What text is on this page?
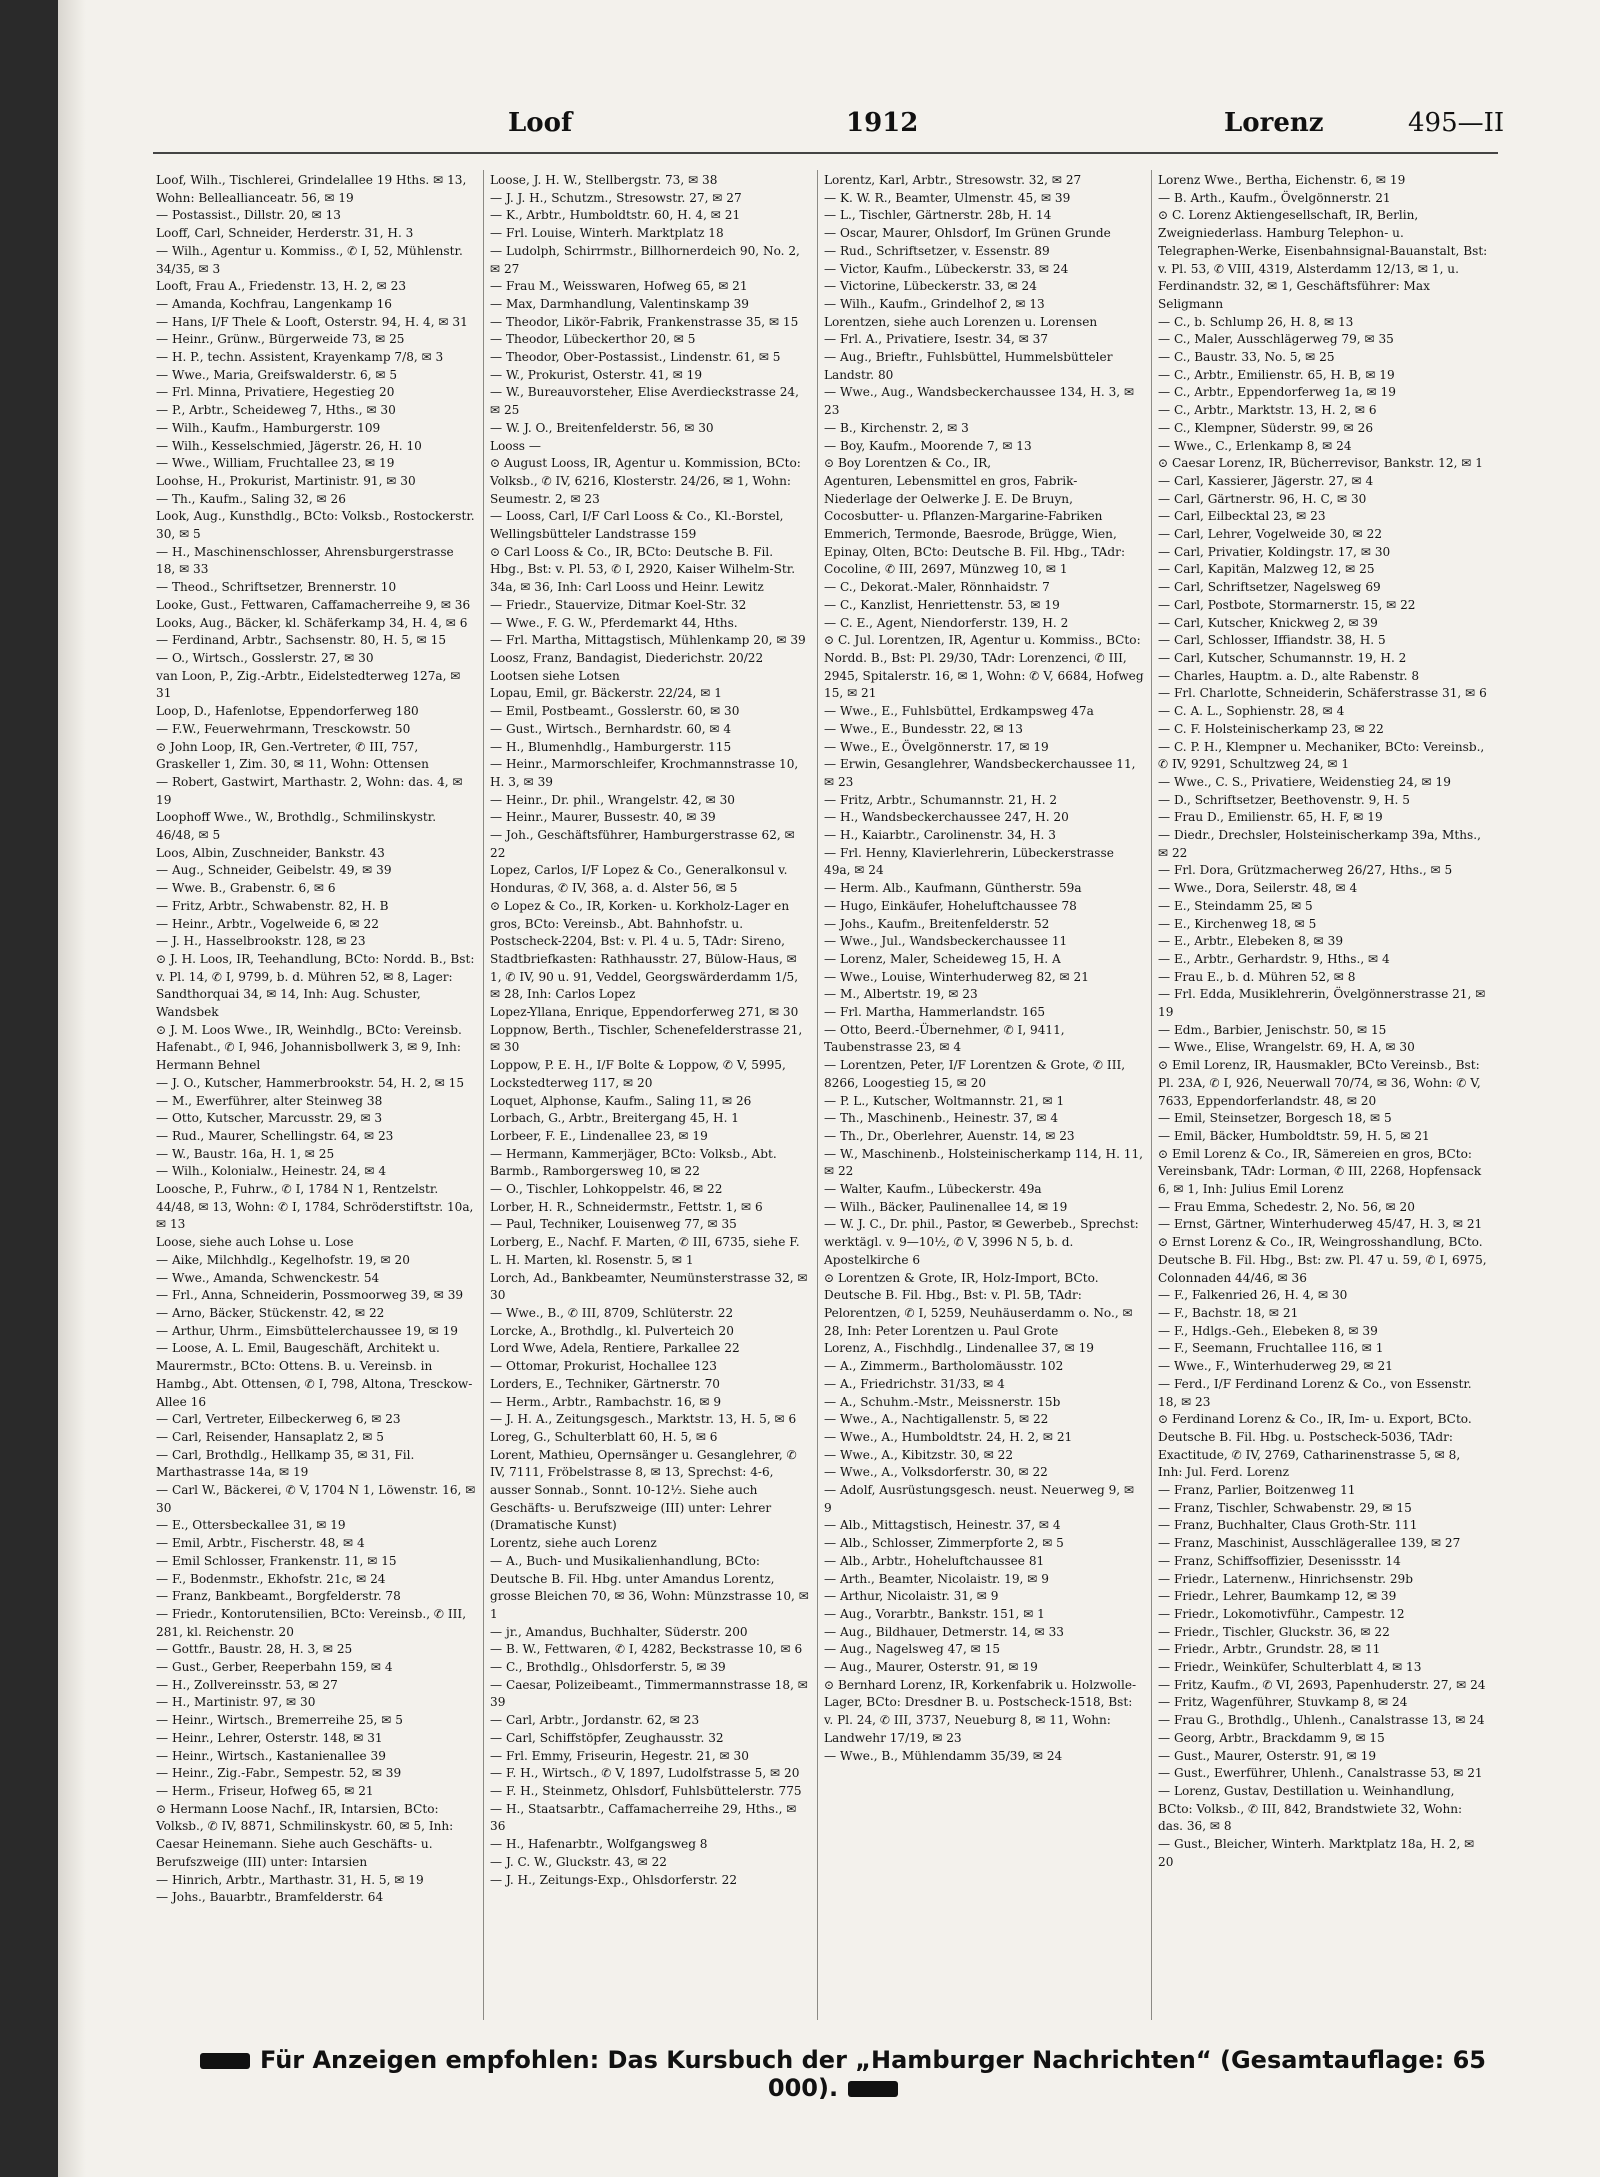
Loof	1912	Lorenz	495—II

Loof, Wilh., Tischlerei, Grindelallee 19 Hths. ✉ 13, Wohn: Belleallianceatr. 56, ✉ 19

— Postassist., Dillstr. 20, ✉ 13

Looff, Carl, Schneider, Herderstr. 31, H. 3

— Wilh., Agentur u. Kommiss., ✆ I, 52, Mühlenstr. 34/35, ✉ 3

Looft, Frau A., Friedenstr. 13, H. 2, ✉ 23

— Amanda, Kochfrau, Langenkamp 16

— Hans, I/F Thele & Looft, Osterstr. 94, H. 4, ✉ 31

— Heinr., Grünw., Bürgerweide 73, ✉ 25

— H. P., techn. Assistent, Krayenkamp 7/8, ✉ 3

— Wwe., Maria, Greifswalderstr. 6, ✉ 5

— Frl. Minna, Privatiere, Hegestieg 20

— P., Arbtr., Scheideweg 7, Hths., ✉ 30

— Wilh., Kaufm., Hamburgerstr. 109

— Wilh., Kesselschmied, Jägerstr. 26, H. 10

— Wwe., William, Fruchtallee 23, ✉ 19

Loohse, H., Prokurist, Martinistr. 91, ✉ 30

— Th., Kaufm., Saling 32, ✉ 26

Look, Aug., Kunsthdlg., BCto: Volksb., Rostockerstr. 30, ✉ 5

— H., Maschinenschlosser, Ahrensburgerstrasse 18, ✉ 33

— Theod., Schriftsetzer, Brennerstr. 10

Looke, Gust., Fettwaren, Caffamacherreihe 9, ✉ 36

Looks, Aug., Bäcker, kl. Schäferkamp 34, H. 4, ✉ 6

— Ferdinand, Arbtr., Sachsenstr. 80, H. 5, ✉ 15

— O., Wirtsch., Gosslerstr. 27, ✉ 30

van Loon, P., Zig.-Arbtr., Eidelstedterweg 127a, ✉ 31

Loop, D., Hafenlotse, Eppendorferweg 180

— F.W., Feuerwehrmann, Tresckowstr. 50

⊙ John Loop, IR, Gen.-Vertreter, ✆ III, 757, Graskeller 1, Zim. 30, ✉ 11, Wohn: Ottensen

— Robert, Gastwirt, Marthastr. 2, Wohn: das. 4, ✉ 19

Loophoff Wwe., W., Brothdlg., Schmilinskystr. 46/48, ✉ 5

Loos, Albin, Zuschneider, Bankstr. 43

— Aug., Schneider, Geibelstr. 49, ✉ 39

— Wwe. B., Grabenstr. 6, ✉ 6

— Fritz, Arbtr., Schwabenstr. 82, H. B

— Heinr., Arbtr., Vogelweide 6, ✉ 22

— J. H., Hasselbrookstr. 128, ✉ 23

⊙ J. H. Loos, IR, Teehandlung, BCto: Nordd. B., Bst: v. Pl. 14, ✆ I, 9799, b. d. Mühren 52, ✉ 8, Lager: Sandthorquai 34, ✉ 14, Inh: Aug. Schuster, Wandsbek

⊙ J. M. Loos Wwe., IR, Weinhdlg., BCto: Vereinsb. Hafenabt., ✆ I, 946, Johannisbollwerk 3, ✉ 9, Inh: Hermann Behnel

— J. O., Kutscher, Hammerbrookstr. 54, H. 2, ✉ 15

— M., Ewerführer, alter Steinweg 38

— Otto, Kutscher, Marcusstr. 29, ✉ 3

— Rud., Maurer, Schellingstr. 64, ✉ 23

— W., Baustr. 16a, H. 1, ✉ 25

— Wilh., Kolonialw., Heinestr. 24, ✉ 4

Loosche, P., Fuhrw., ✆ I, 1784 N 1, Rentzelstr. 44/48, ✉ 13, Wohn: ✆ I, 1784, Schröderstiftstr. 10a, ✉ 13

Loose, siehe auch Lohse u. Lose

— Aike, Milchhdlg., Kegelhofstr. 19, ✉ 20

— Wwe., Amanda, Schwenckestr. 54

— Frl., Anna, Schneiderin, Possmoorweg 39, ✉ 39

— Arno, Bäcker, Stückenstr. 42, ✉ 22

— Arthur, Uhrm., Eimsbüttelerchaussee 19, ✉ 19

— Loose, A. L. Emil, Baugeschäft, Architekt u. Maurermstr., BCto: Ottens. B. u. Vereinsb. in Hambg., Abt. Ottensen, ✆ I, 798, Altona, Tresckow-Allee 16

— Carl, Vertreter, Eilbeckerweg 6, ✉ 23

— Carl, Reisender, Hansaplatz 2, ✉ 5

— Carl, Brothdlg., Hellkamp 35, ✉ 31, Fil. Marthastrasse 14a, ✉ 19

— Carl W., Bäckerei, ✆ V, 1704 N 1, Löwenstr. 16, ✉ 30

— E., Ottersbeckallee 31, ✉ 19

— Emil, Arbtr., Fischerstr. 48, ✉ 4

— Emil Schlosser, Frankenstr. 11, ✉ 15

— F., Bodenmstr., Ekhofstr. 21c, ✉ 24

— Franz, Bankbeamt., Borgfelderstr. 78

— Friedr., Kontorutensilien, BCto: Vereinsb., ✆ III, 281, kl. Reichenstr. 20

— Gottfr., Baustr. 28, H. 3, ✉ 25

— Gust., Gerber, Reeperbahn 159, ✉ 4

— H., Zollvereinsstr. 53, ✉ 27

— H., Martinistr. 97, ✉ 30

— Heinr., Wirtsch., Bremerreihe 25, ✉ 5

— Heinr., Lehrer, Osterstr. 148, ✉ 31

— Heinr., Wirtsch., Kastanienallee 39

— Heinr., Zig.-Fabr., Sempestr. 52, ✉ 39

— Herm., Friseur, Hofweg 65, ✉ 21

⊙ Hermann Loose Nachf., IR, Intarsien, BCto: Volksb., ✆ IV, 8871, Schmilinskystr. 60, ✉ 5, Inh: Caesar Heinemann. Siehe auch Geschäfts- u. Berufszweige (III) unter: Intarsien

— Hinrich, Arbtr., Marthastr. 31, H. 5, ✉ 19

— Johs., Bauarbtr., Bramfelderstr. 64

Loose, J. H. W., Stellbergstr. 73, ✉ 38

— J. J. H., Schutzm., Stresowstr. 27, ✉ 27

— K., Arbtr., Humboldtstr. 60, H. 4, ✉ 21

— Frl. Louise, Winterh. Marktplatz 18

— Ludolph, Schirrmstr., Billhornerdeich 90, No. 2, ✉ 27

— Frau M., Weisswaren, Hofweg 65, ✉ 21

— Max, Darmhandlung, Valentinskamp 39

— Theodor, Likör-Fabrik, Frankenstrasse 35, ✉ 15

— Theodor, Lübeckerthor 20, ✉ 5

— Theodor, Ober-Postassist., Lindenstr. 61, ✉ 5

— W., Prokurist, Osterstr. 41, ✉ 19

— W., Bureauvorsteher, Elise Averdieckstrasse 24, ✉ 25

— W. J. O., Breitenfelderstr. 56, ✉ 30

Looss —

⊙ August Looss, IR, Agentur u. Kommission, BCto: Volksb., ✆ IV, 6216, Klosterstr. 24/26, ✉ 1, Wohn: Seumestr. 2, ✉ 23

— Looss, Carl, I/F Carl Looss & Co., Kl.-Borstel, Wellingsbütteler Landstrasse 159

⊙ Carl Looss & Co., IR, BCto: Deutsche B. Fil. Hbg., Bst: v. Pl. 53, ✆ I, 2920, Kaiser Wilhelm-Str. 34a, ✉ 36, Inh: Carl Looss und Heinr. Lewitz

— Friedr., Stauervize, Ditmar Koel-Str. 32

— Wwe., F. G. W., Pferdemarkt 44, Hths.

— Frl. Martha, Mittagstisch, Mühlenkamp 20, ✉ 39

Loosz, Franz, Bandagist, Diederichstr. 20/22

Lootsen siehe Lotsen

Lopau, Emil, gr. Bäckerstr. 22/24, ✉ 1

— Emil, Postbeamt., Gosslerstr. 60, ✉ 30

— Gust., Wirtsch., Bernhardstr. 60, ✉ 4

— H., Blumenhdlg., Hamburgerstr. 115

— Heinr., Marmorschleifer, Krochmannstrasse 10, H. 3, ✉ 39

— Heinr., Dr. phil., Wrangelstr. 42, ✉ 30

— Heinr., Maurer, Bussestr. 40, ✉ 39

— Joh., Geschäftsführer, Hamburgerstrasse 62, ✉ 22

Lopez, Carlos, I/F Lopez & Co., Generalkonsul v. Honduras, ✆ IV, 368, a. d. Alster 56, ✉ 5

⊙ Lopez & Co., IR, Korken- u. Korkholz-Lager en gros, BCto: Vereinsb., Abt. Bahnhofstr. u. Postscheck-2204, Bst: v. Pl. 4 u. 5, TAdr: Sireno, Stadtbriefkasten: Rathhausstr. 27, Bülow-Haus, ✉ 1, ✆ IV, 90 u. 91, Veddel, Georgswärderdamm 1/5, ✉ 28, Inh: Carlos Lopez

Lopez-Yllana, Enrique, Eppendorferweg 271, ✉ 30

Loppnow, Berth., Tischler, Schenefelderstrasse 21, ✉ 30

Loppow, P. E. H., I/F Bolte & Loppow, ✆ V, 5995, Lockstedterweg 117, ✉ 20

Loquet, Alphonse, Kaufm., Saling 11, ✉ 26

Lorbach, G., Arbtr., Breitergang 45, H. 1

Lorbeer, F. E., Lindenallee 23, ✉ 19

— Hermann, Kammerjäger, BCto: Volksb., Abt. Barmb., Ramborgersweg 10, ✉ 22

— O., Tischler, Lohkoppelstr. 46, ✉ 22

Lorber, H. R., Schneidermstr., Fettstr. 1, ✉ 6

— Paul, Techniker, Louisenweg 77, ✉ 35

Lorberg, E., Nachf. F. Marten, ✆ III, 6735, siehe F. L. H. Marten, kl. Rosenstr. 5, ✉ 1

Lorch, Ad., Bankbeamter, Neumünsterstrasse 32, ✉ 30

— Wwe., B., ✆ III, 8709, Schlüterstr. 22

Lorcke, A., Brothdlg., kl. Pulverteich 20

Lord Wwe, Adela, Rentiere, Parkallee 22

— Ottomar, Prokurist, Hochallee 123

Lorders, E., Techniker, Gärtnerstr. 70

— Herm., Arbtr., Rambachstr. 16, ✉ 9

— J. H. A., Zeitungsgesch., Marktstr. 13, H. 5, ✉ 6

Loreg, G., Schulterblatt 60, H. 5, ✉ 6

Lorent, Mathieu, Opernsänger u. Gesanglehrer, ✆ IV, 7111, Fröbelstrasse 8, ✉ 13, Sprechst: 4-6, ausser Sonnab., Sonnt. 10-12½. Siehe auch Geschäfts- u. Berufszweige (III) unter: Lehrer (Dramatische Kunst)

Lorentz, siehe auch Lorenz

— A., Buch- und Musikalienhandlung, BCto: Deutsche B. Fil. Hbg. unter Amandus Lorentz, grosse Bleichen 70, ✉ 36, Wohn: Münzstrasse 10, ✉ 1

— jr., Amandus, Buchhalter, Süderstr. 200

— B. W., Fettwaren, ✆ I, 4282, Beckstrasse 10, ✉ 6

— C., Brothdlg., Ohlsdorferstr. 5, ✉ 39

— Caesar, Polizeibeamt., Timmermannstrasse 18, ✉ 39

— Carl, Arbtr., Jordanstr. 62, ✉ 23

— Carl, Schiffstöpfer, Zeughausstr. 32

— Frl. Emmy, Friseurin, Hegestr. 21, ✉ 30

— F. H., Wirtsch., ✆ V, 1897, Ludolfstrasse 5, ✉ 20

— F. H., Steinmetz, Ohlsdorf, Fuhlsbüttelerstr. 775

— H., Staatsarbtr., Caffamacherreihe 29, Hths., ✉ 36

— H., Hafenarbtr., Wolfgangsweg 8

— J. C. W., Gluckstr. 43, ✉ 22

— J. H., Zeitungs-Exp., Ohlsdorferstr. 22

Lorentz, Karl, Arbtr., Stresowstr. 32, ✉ 27

— K. W. R., Beamter, Ulmenstr. 45, ✉ 39

— L., Tischler, Gärtnerstr. 28b, H. 14

— Oscar, Maurer, Ohlsdorf, Im Grünen Grunde

— Rud., Schriftsetzer, v. Essenstr. 89

— Victor, Kaufm., Lübeckerstr. 33, ✉ 24

— Victorine, Lübeckerstr. 33, ✉ 24

— Wilh., Kaufm., Grindelhof 2, ✉ 13

Lorentzen, siehe auch Lorenzen u. Lorensen

— Frl. A., Privatiere, Isestr. 34, ✉ 37

— Aug., Brieftr., Fuhlsbüttel, Hummelsbütteler Landstr. 80

— Wwe., Aug., Wandsbeckerchaussee 134, H. 3, ✉ 23

— B., Kirchenstr. 2, ✉ 3

— Boy, Kaufm., Moorende 7, ✉ 13

⊙ Boy Lorentzen & Co., IR,

Agenturen, Lebensmittel en gros, Fabrik-Niederlage der Oelwerke J. E. De Bruyn, Cocosbutter- u. Pflanzen-Margarine-Fabriken Emmerich, Termonde, Baesrode, Brügge, Wien, Epinay, Olten, BCto: Deutsche B. Fil. Hbg., TAdr: Cocoline, ✆ III, 2697, Münzweg 10, ✉ 1

— C., Dekorat.-Maler, Rönnhaidstr. 7

— C., Kanzlist, Henriettenstr. 53, ✉ 19

— C. E., Agent, Niendorferstr. 139, H. 2

⊙ C. Jul. Lorentzen, IR, Agentur u. Kommiss., BCto: Nordd. B., Bst: Pl. 29/30, TAdr: Lorenzenci, ✆ III, 2945, Spitalerstr. 16, ✉ 1, Wohn: ✆ V, 6684, Hofweg 15, ✉ 21

— Wwe., E., Fuhlsbüttel, Erdkampsweg 47a

— Wwe., E., Bundesstr. 22, ✉ 13

— Wwe., E., Övelgönnerstr. 17, ✉ 19

— Erwin, Gesanglehrer, Wandsbeckerchaussee 11, ✉ 23

— Fritz, Arbtr., Schumannstr. 21, H. 2

— H., Wandsbeckerchaussee 247, H. 20

— H., Kaiarbtr., Carolinenstr. 34, H. 3

— Frl. Henny, Klavierlehrerin, Lübeckerstrasse 49a, ✉ 24

— Herm. Alb., Kaufmann, Güntherstr. 59a

— Hugo, Einkäufer, Hoheluftchaussee 78

— Johs., Kaufm., Breitenfelderstr. 52

— Wwe., Jul., Wandsbeckerchaussee 11

— Lorenz, Maler, Scheideweg 15, H. A

— Wwe., Louise, Winterhuderweg 82, ✉ 21

— M., Albertstr. 19, ✉ 23

— Frl. Martha, Hammerlandstr. 165

— Otto, Beerd.-Übernehmer, ✆ I, 9411, Taubenstrasse 23, ✉ 4

— Lorentzen, Peter, I/F Lorentzen & Grote, ✆ III, 8266, Loogestieg 15, ✉ 20

— P. L., Kutscher, Woltmannstr. 21, ✉ 1

— Th., Maschinenb., Heinestr. 37, ✉ 4

— Th., Dr., Oberlehrer, Auenstr. 14, ✉ 23

— W., Maschinenb., Holsteinischerkamp 114, H. 11, ✉ 22

— Walter, Kaufm., Lübeckerstr. 49a

— Wilh., Bäcker, Paulinenallee 14, ✉ 19

— W. J. C., Dr. phil., Pastor, ✉ Gewerbeb., Sprechst: werktägl. v. 9—10½, ✆ V, 3996 N 5, b. d. Apostelkirche 6

⊙ Lorentzen & Grote, IR, Holz-Import, BCto. Deutsche B. Fil. Hbg., Bst: v. Pl. 5B, TAdr: Pelorentzen, ✆ I, 5259, Neuhäuserdamm o. No., ✉ 28, Inh: Peter Lorentzen u. Paul Grote

Lorenz, A., Fischhdlg., Lindenallee 37, ✉ 19

— A., Zimmerm., Bartholomäusstr. 102

— A., Friedrichstr. 31/33, ✉ 4

— A., Schuhm.-Mstr., Meissnerstr. 15b

— Wwe., A., Nachtigallenstr. 5, ✉ 22

— Wwe., A., Humboldtstr. 24, H. 2, ✉ 21

— Wwe., A., Kibitzstr. 30, ✉ 22

— Wwe., A., Volksdorferstr. 30, ✉ 22

— Adolf, Ausrüstungsgesch. neust. Neuerweg 9, ✉ 9

— Alb., Mittagstisch, Heinestr. 37, ✉ 4

— Alb., Schlosser, Zimmerpforte 2, ✉ 5

— Alb., Arbtr., Hoheluftchaussee 81

— Arth., Beamter, Nicolaistr. 19, ✉ 9

— Arthur, Nicolaistr. 31, ✉ 9

— Aug., Vorarbtr., Bankstr. 151, ✉ 1

— Aug., Bildhauer, Detmerstr. 14, ✉ 33

— Aug., Nagelsweg 47, ✉ 15

— Aug., Maurer, Osterstr. 91, ✉ 19

⊙ Bernhard Lorenz, IR, Korkenfabrik u. Holzwolle-Lager, BCto: Dresdner B. u. Postscheck-1518, Bst: v. Pl. 24, ✆ III, 3737, Neueburg 8, ✉ 11, Wohn: Landwehr 17/19, ✉ 23

— Wwe., B., Mühlendamm 35/39, ✉ 24

Lorenz Wwe., Bertha, Eichenstr. 6, ✉ 19

— B. Arth., Kaufm., Övelgönnerstr. 21

⊙ C. Lorenz Aktiengesellschaft, IR, Berlin, Zweigniederlass. Hamburg Telephon- u. Telegraphen-Werke, Eisenbahnsignal-Bauanstalt, Bst: v. Pl. 53, ✆ VIII, 4319, Alsterdamm 12/13, ✉ 1, u. Ferdinandstr. 32, ✉ 1, Geschäftsführer: Max Seligmann

— C., b. Schlump 26, H. 8, ✉ 13

— C., Maler, Ausschlägerweg 79, ✉ 35

— C., Baustr. 33, No. 5, ✉ 25

— C., Arbtr., Emilienstr. 65, H. B, ✉ 19

— C., Arbtr., Eppendorferweg 1a, ✉ 19

— C., Arbtr., Marktstr. 13, H. 2, ✉ 6

— C., Klempner, Süderstr. 99, ✉ 26

— Wwe., C., Erlenkamp 8, ✉ 24

⊙ Caesar Lorenz, IR, Bücherrevisor, Bankstr. 12, ✉ 1

— Carl, Kassierer, Jägerstr. 27, ✉ 4

— Carl, Gärtnerstr. 96, H. C, ✉ 30

— Carl, Eilbecktal 23, ✉ 23

— Carl, Lehrer, Vogelweide 30, ✉ 22

— Carl, Privatier, Koldingstr. 17, ✉ 30

— Carl, Kapitän, Malzweg 12, ✉ 25

— Carl, Schriftsetzer, Nagelsweg 69

— Carl, Postbote, Stormarnerstr. 15, ✉ 22

— Carl, Kutscher, Knickweg 2, ✉ 39

— Carl, Schlosser, Iffiandstr. 38, H. 5

— Carl, Kutscher, Schumannstr. 19, H. 2

— Charles, Hauptm. a. D., alte Rabenstr. 8

— Frl. Charlotte, Schneiderin, Schäferstrasse 31, ✉ 6

— C. A. L., Sophienstr. 28, ✉ 4

— C. F. Holsteinischerkamp 23, ✉ 22

— C. P. H., Klempner u. Mechaniker, BCto: Vereinsb., ✆ IV, 9291, Schultzweg 24, ✉ 1

— Wwe., C. S., Privatiere, Weidenstieg 24, ✉ 19

— D., Schriftsetzer, Beethovenstr. 9, H. 5

— Frau D., Emilienstr. 65, H. F, ✉ 19

— Diedr., Drechsler, Holsteinischerkamp 39a, Mths., ✉ 22

— Frl. Dora, Grützmacherweg 26/27, Hths., ✉ 5

— Wwe., Dora, Seilerstr. 48, ✉ 4

— E., Steindamm 25, ✉ 5

— E., Kirchenweg 18, ✉ 5

— E., Arbtr., Elebeken 8, ✉ 39

— E., Arbtr., Gerhardstr. 9, Hths., ✉ 4

— Frau E., b. d. Mühren 52, ✉ 8

— Frl. Edda, Musiklehrerin, Övelgönnerstrasse 21, ✉ 19

— Edm., Barbier, Jenischstr. 50, ✉ 15

— Wwe., Elise, Wrangelstr. 69, H. A, ✉ 30

⊙ Emil Lorenz, IR, Hausmakler, BCto Vereinsb., Bst: Pl. 23A, ✆ I, 926, Neuerwall 70/74, ✉ 36, Wohn: ✆ V, 7633, Eppendorferlandstr. 48, ✉ 20

— Emil, Steinsetzer, Borgesch 18, ✉ 5

— Emil, Bäcker, Humboldtstr. 59, H. 5, ✉ 21

⊙ Emil Lorenz & Co., IR, Sämereien en gros, BCto: Vereinsbank, TAdr: Lorman, ✆ III, 2268, Hopfensack 6, ✉ 1, Inh: Julius Emil Lorenz

— Frau Emma, Schedestr. 2, No. 56, ✉ 20

— Ernst, Gärtner, Winterhuderweg 45/47, H. 3, ✉ 21

⊙ Ernst Lorenz & Co., IR, Weingrosshandlung, BCto. Deutsche B. Fil. Hbg., Bst: zw. Pl. 47 u. 59, ✆ I, 6975, Colonnaden 44/46, ✉ 36

— F., Falkenried 26, H. 4, ✉ 30

— F., Bachstr. 18, ✉ 21

— F., Hdlgs.-Geh., Elebeken 8, ✉ 39

— F., Seemann, Fruchtallee 116, ✉ 1

— Wwe., F., Winterhuderweg 29, ✉ 21

— Ferd., I/F Ferdinand Lorenz & Co., von Essenstr. 18, ✉ 23

⊙ Ferdinand Lorenz & Co., IR, Im- u. Export, BCto. Deutsche B. Fil. Hbg. u. Postscheck-5036, TAdr: Exactitude, ✆ IV, 2769, Catharinenstrasse 5, ✉ 8, Inh: Jul. Ferd. Lorenz

— Franz, Parlier, Boitzenweg 11

— Franz, Tischler, Schwabenstr. 29, ✉ 15

— Franz, Buchhalter, Claus Groth-Str. 111

— Franz, Maschinist, Ausschlägerallee 139, ✉ 27

— Franz, Schiffsoffizier, Desenissstr. 14

— Friedr., Laternenw., Hinrichsenstr. 29b

— Friedr., Lehrer, Baumkamp 12, ✉ 39

— Friedr., Lokomotivführ., Campestr. 12

— Friedr., Tischler, Gluckstr. 36, ✉ 22

— Friedr., Arbtr., Grundstr. 28, ✉ 11

— Friedr., Weinküfer, Schulterblatt 4, ✉ 13

— Fritz, Kaufm., ✆ VI, 2693, Papenhuderstr. 27, ✉ 24

— Fritz, Wagenführer, Stuvkamp 8, ✉ 24

— Frau G., Brothdlg., Uhlenh., Canalstrasse 13, ✉ 24

— Georg, Arbtr., Brackdamm 9, ✉ 15

— Gust., Maurer, Osterstr. 91, ✉ 19

— Gust., Ewerführer, Uhlenh., Canalstrasse 53, ✉ 21

— Lorenz, Gustav, Destillation u. Weinhandlung, BCto: Volksb., ✆ III, 842, Brandstwiete 32, Wohn: das. 36, ✉ 8

— Gust., Bleicher, Winterh. Marktplatz 18a, H. 2, ✉ 20

Für Anzeigen empfohlen: Das Kursbuch der „Hamburger Nachrichten“ (Gesamtauflage: 65 000).
